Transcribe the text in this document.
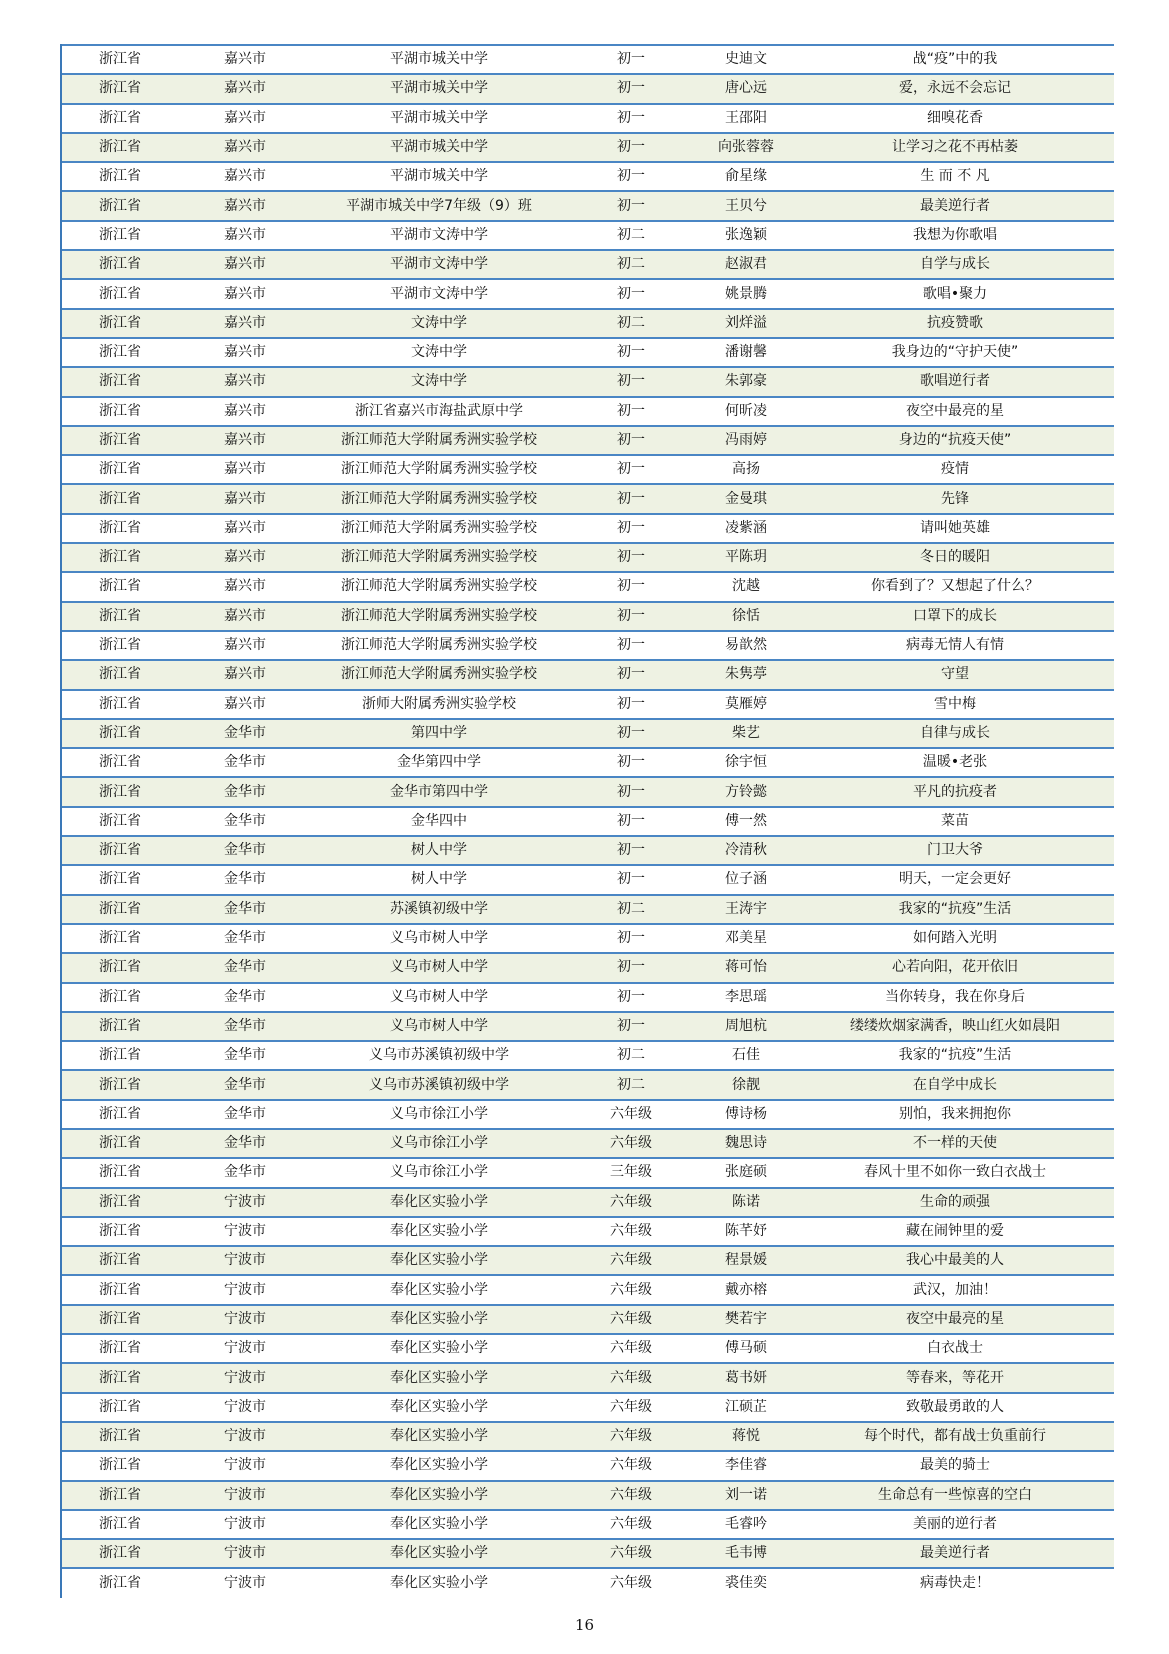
浙江省	嘉兴市	平湖市城关中学	初一	史迪文	战“疫”中的我
浙江省	嘉兴市	平湖市城关中学	初一	唐心远	爱，永远不会忘记
浙江省	嘉兴市	平湖市城关中学	初一	王邵阳	细嗅花香
浙江省	嘉兴市	平湖市城关中学	初一	向张蓉蓉	让学习之花不再枯萎
浙江省	嘉兴市	平湖市城关中学	初一	俞星缘	生 而 不 凡
浙江省	嘉兴市	平湖市城关中学7年级（9）班	初一	王贝兮	最美逆行者
浙江省	嘉兴市	平湖市文涛中学	初二	张逸颖	我想为你歌唱
浙江省	嘉兴市	平湖市文涛中学	初二	赵淑君	自学与成长
浙江省	嘉兴市	平湖市文涛中学	初一	姚景腾	歌唱•聚力
浙江省	嘉兴市	文涛中学	初二	刘烊溢	抗疫赞歌
浙江省	嘉兴市	文涛中学	初一	潘谢馨	我身边的“守护天使”
浙江省	嘉兴市	文涛中学	初一	朱郭豪	歌唱逆行者
浙江省	嘉兴市	浙江省嘉兴市海盐武原中学	初一	何昕凌	夜空中最亮的星
浙江省	嘉兴市	浙江师范大学附属秀洲实验学校	初一	冯雨婷	身边的“抗疫天使”
浙江省	嘉兴市	浙江师范大学附属秀洲实验学校	初一	高扬	疫情
浙江省	嘉兴市	浙江师范大学附属秀洲实验学校	初一	金曼琪	先锋
浙江省	嘉兴市	浙江师范大学附属秀洲实验学校	初一	凌紫涵	请叫她英雄
浙江省	嘉兴市	浙江师范大学附属秀洲实验学校	初一	平陈玥	冬日的暖阳
浙江省	嘉兴市	浙江师范大学附属秀洲实验学校	初一	沈越	你看到了？又想起了什么？
浙江省	嘉兴市	浙江师范大学附属秀洲实验学校	初一	徐恬	口罩下的成长
浙江省	嘉兴市	浙江师范大学附属秀洲实验学校	初一	易歆然	病毒无情人有情
浙江省	嘉兴市	浙江师范大学附属秀洲实验学校	初一	朱隽葶	守望
浙江省	嘉兴市	浙师大附属秀洲实验学校	初一	莫雁婷	雪中梅
浙江省	金华市	第四中学	初一	柴艺	自律与成长
浙江省	金华市	金华第四中学	初一	徐宇恒	温暖•老张
浙江省	金华市	金华市第四中学	初一	方铃懿	平凡的抗疫者
浙江省	金华市	金华四中	初一	傅一然	菜苗
浙江省	金华市	树人中学	初一	冷清秋	门卫大爷
浙江省	金华市	树人中学	初一	位子涵	明天，一定会更好
浙江省	金华市	苏溪镇初级中学	初二	王涛宇	我家的“抗疫”生活
浙江省	金华市	义乌市树人中学	初一	邓美星	如何踏入光明
浙江省	金华市	义乌市树人中学	初一	蒋可怡	心若向阳，花开依旧
浙江省	金华市	义乌市树人中学	初一	李思瑶	当你转身，我在你身后
浙江省	金华市	义乌市树人中学	初一	周旭杭	缕缕炊烟家满香，映山红火如晨阳
浙江省	金华市	义乌市苏溪镇初级中学	初二	石佳	我家的“抗疫”生活
浙江省	金华市	义乌市苏溪镇初级中学	初二	徐靓	在自学中成长
浙江省	金华市	义乌市徐江小学	六年级	傅诗杨	别怕，我来拥抱你
浙江省	金华市	义乌市徐江小学	六年级	魏思诗	不一样的天使
浙江省	金华市	义乌市徐江小学	三年级	张庭硕	春风十里不如你一致白衣战士
浙江省	宁波市	奉化区实验小学	六年级	陈诺	生命的顽强
浙江省	宁波市	奉化区实验小学	六年级	陈芊妤	藏在闹钟里的爱
浙江省	宁波市	奉化区实验小学	六年级	程景媛	我心中最美的人
浙江省	宁波市	奉化区实验小学	六年级	戴亦榕	武汉，加油！
浙江省	宁波市	奉化区实验小学	六年级	樊若宇	夜空中最亮的星
浙江省	宁波市	奉化区实验小学	六年级	傅马硕	白衣战士
浙江省	宁波市	奉化区实验小学	六年级	葛书妍	等春来，等花开
浙江省	宁波市	奉化区实验小学	六年级	江硕芷	致敬最勇敢的人
浙江省	宁波市	奉化区实验小学	六年级	蒋悦	每个时代，都有战士负重前行
浙江省	宁波市	奉化区实验小学	六年级	李佳睿	最美的骑士
浙江省	宁波市	奉化区实验小学	六年级	刘一诺	生命总有一些惊喜的空白
浙江省	宁波市	奉化区实验小学	六年级	毛睿吟	美丽的逆行者
浙江省	宁波市	奉化区实验小学	六年级	毛韦博	最美逆行者
浙江省	宁波市	奉化区实验小学	六年级	裘佳奕	病毒快走！
16
